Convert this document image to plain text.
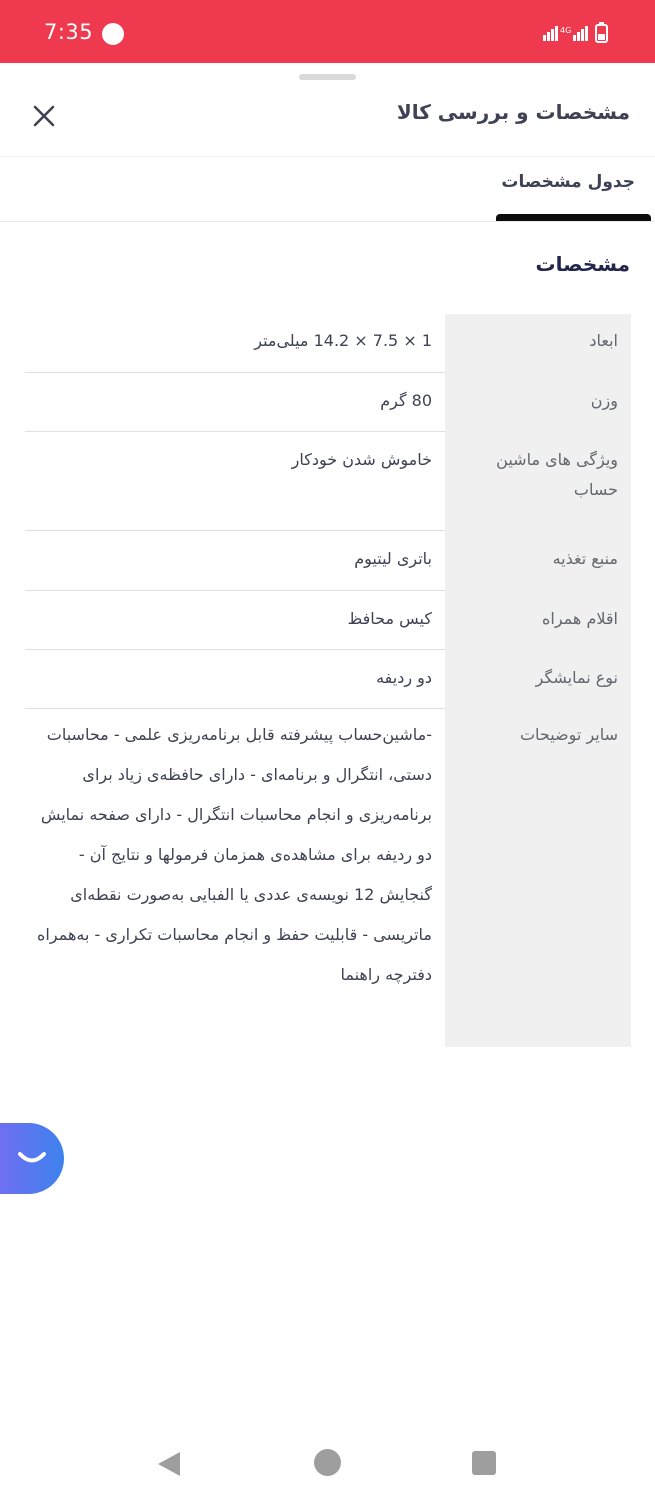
7:35	4G
مشخصات و بررسی کالا
جدول مشخصات
مشخصات
ابعاد
1 × 7.5 × 14.2 میلی‌متر
وزن
80 گرم
ویژگی های ماشین حساب
خاموش شدن خودکار
منبع تغذیه
باتری لیتیوم
اقلام همراه
کیس محافظ
نوع نمایشگر
دو ردیفه
سایر توضیحات
-ماشین‌حساب پیشرفته قابل برنامه‌ریزی علمی - محاسبات دستی، انتگرال و برنامه‌ای - دارای حافظه‌ی زیاد برای برنامه‌ریزی و انجام محاسبات انتگرال - دارای صفحه نمایش دو ردیفه برای مشاهده‌ی همزمان فرمولها و نتایج آن - گنجایش 12 نویسه‌ی عددی یا الفبایی به‌صورت نقطه‌ای ماتریسی - قابلیت حفظ و انجام محاسبات تکراری - به‌همراه دفترچه راهنما
